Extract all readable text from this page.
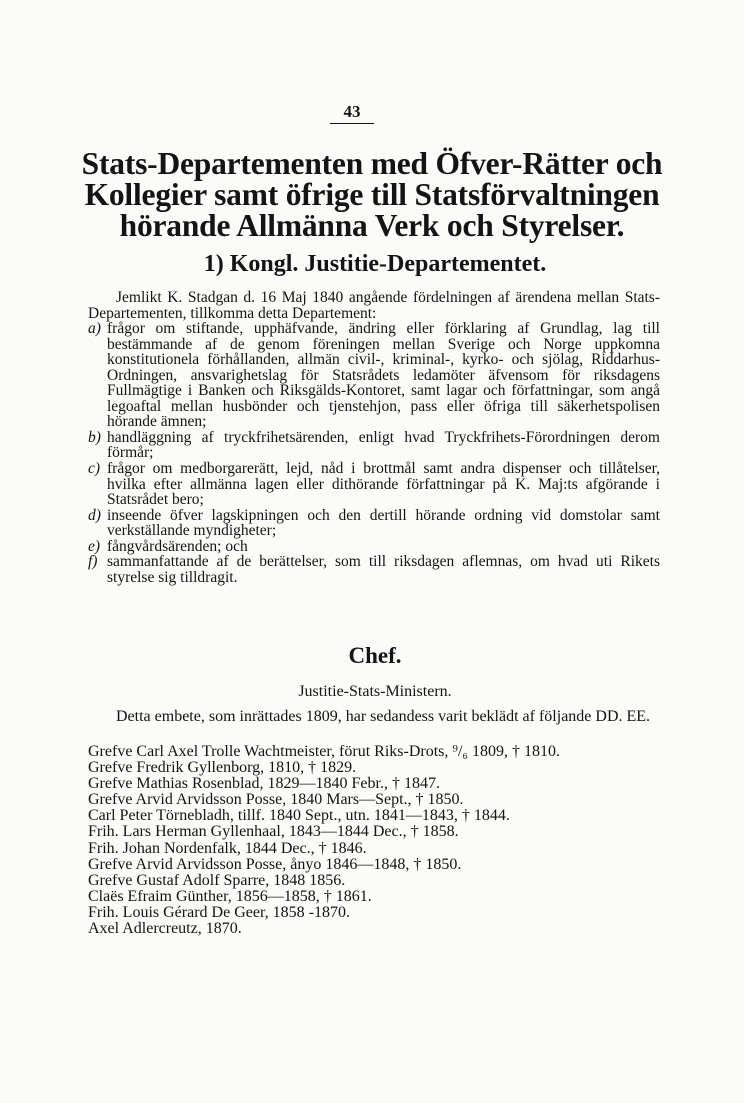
43
Stats-Departementen med Öfver-Rätter och
Kollegier samt öfrige till Statsförvaltningen
hörande Allmänna Verk och Styrelser.
1) Kongl. Justitie-Departementet.

Jemlikt K. Stadgan d. 16 Maj 1840 angående fördelningen af ärendena mellan Stats-Departementen, tillkomma detta Departement:

a) frågor om stiftande, upphäfvande, ändring eller förklaring af Grundlag, lag till bestämmande af de genom föreningen mellan Sverige och Norge uppkomna konstitutionela förhållanden, allmän civil-, kriminal-, kyrko- och sjölag, Riddarhus-Ordningen, ansvarighetslag för Statsrådets ledamöter äfvensom för riksdagens Fullmägtige i Banken och Riksgälds-Kontoret, samt lagar och författningar, som angå legoaftal mellan husbönder och tjenstehjon, pass eller öfriga till säkerhetspolisen hörande ämnen;

b) handläggning af tryckfrihetsärenden, enligt hvad Tryckfrihets-Förordningen derom förmår;

c) frågor om medborgarerätt, lejd, nåd i brottmål samt andra dispenser och tillåtelser, hvilka efter allmänna lagen eller dithörande författningar på K. Maj:ts afgörande i Statsrådet bero;

d) inseende öfver lagskipningen och den dertill hörande ordning vid domstolar samt verkställande myndigheter;

e) fångvårdsärenden; och

f) sammanfattande af de berättelser, som till riksdagen aflemnas, om hvad uti Rikets styrelse sig tilldragit.

Chef.
Justitie-Stats-Ministern.

Detta embete, som inrättades 1809, har sedandess varit beklädt af följande DD. EE.

Grefve Carl Axel Trolle Wachtmeister, förut Riks-Drots, ⁹/₆ 1809, † 1810.
Grefve Fredrik Gyllenborg, 1810, † 1829.
Grefve Mathias Rosenblad, 1829—1840 Febr., † 1847.
Grefve Arvid Arvidsson Posse, 1840 Mars—Sept., † 1850.
Carl Peter Törnebladh, tillf. 1840 Sept., utn. 1841—1843, † 1844.
Frih. Lars Herman Gyllenhaal, 1843—1844 Dec., † 1858.
Frih. Johan Nordenfalk, 1844 Dec., † 1846.
Grefve Arvid Arvidsson Posse, ånyo 1846—1848, † 1850.
Grefve Gustaf Adolf Sparre, 1848 1856.
Claës Efraim Günther, 1856—1858, † 1861.
Frih. Louis Gérard De Geer, 1858 -1870.
Axel Adlercreutz, 1870.
